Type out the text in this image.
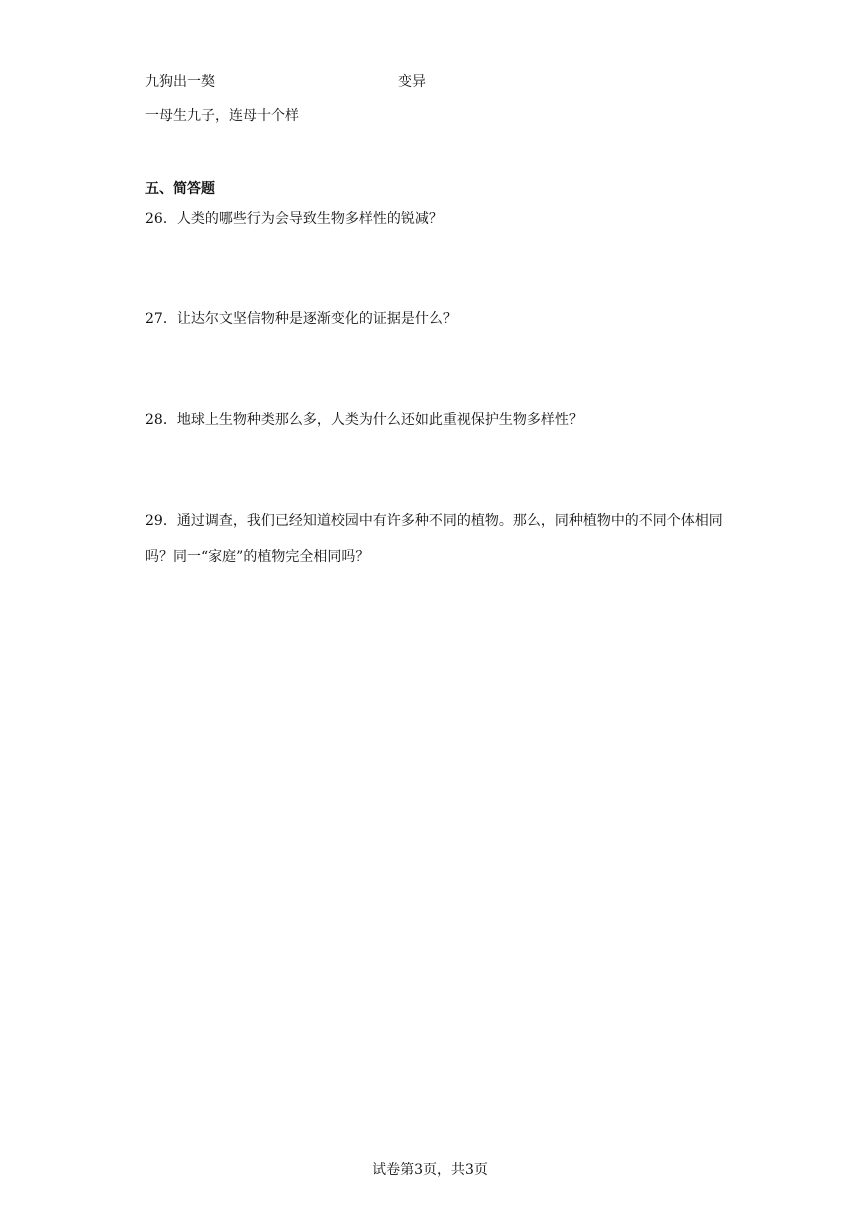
九狗出一獒	变异
一母生九子，连母十个样
五、简答题
26．人类的哪些行为会导致生物多样性的锐减？
27．让达尔文坚信物种是逐渐变化的证据是什么？
28．地球上生物种类那么多，人类为什么还如此重视保护生物多样性？
29．通过调查，我们已经知道校园中有许多种不同的植物。那么，同种植物中的不同个体相同吗？同一“家庭”的植物完全相同吗？
试卷第3页，共3页
